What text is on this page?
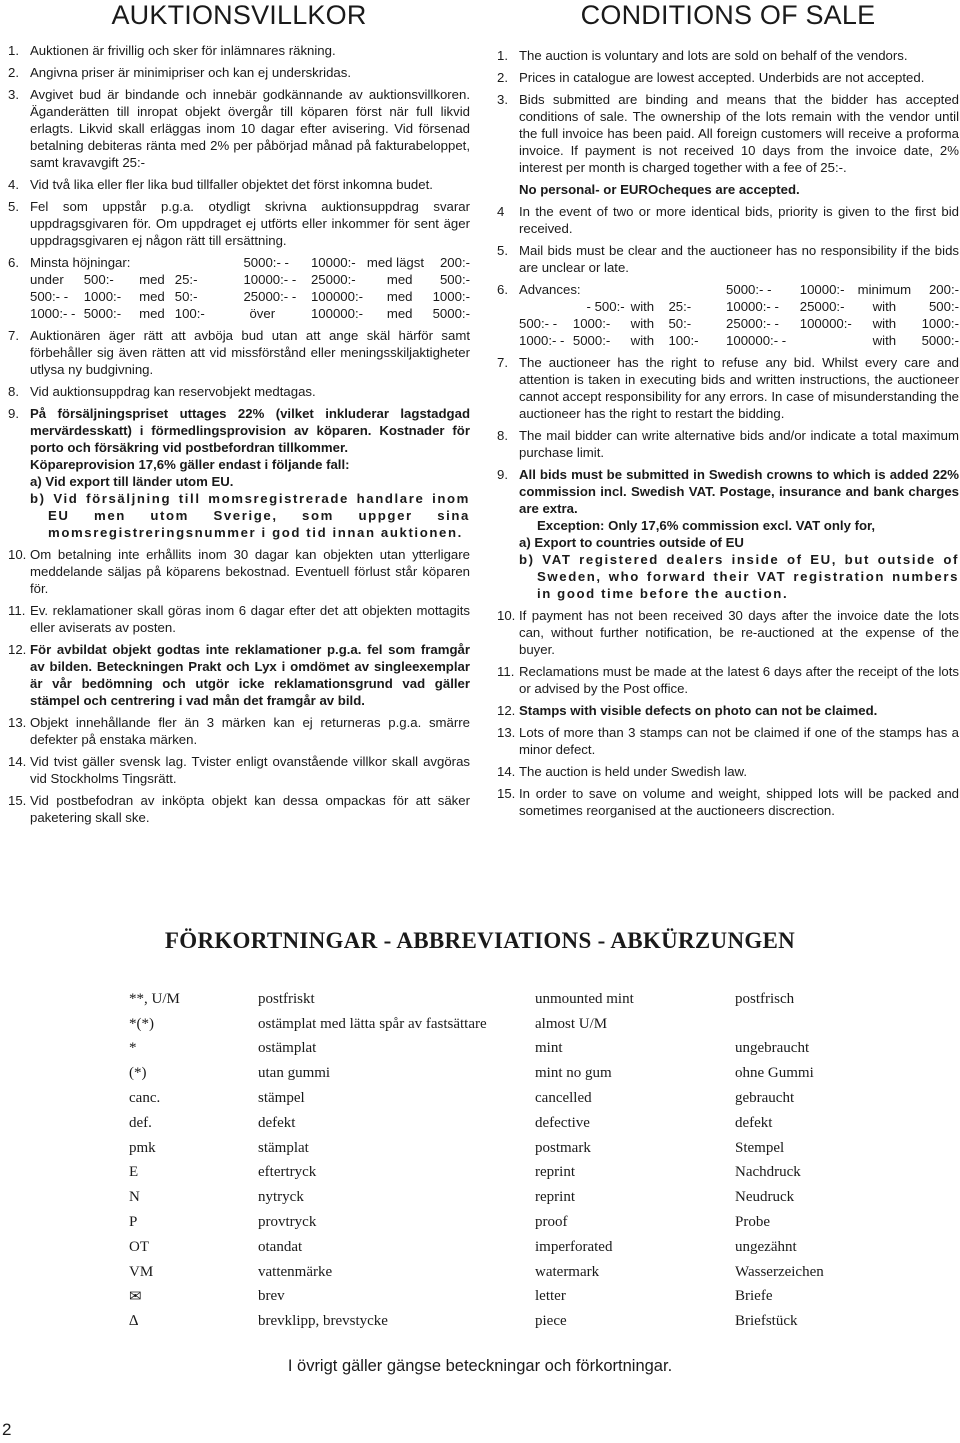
AUKTIONSVILLKOR
1. Auktionen är frivillig och sker för inlämnares räkning.

2. Angivna priser är minimipriser och kan ej underskridas.

3. Avgivet bud är bindande och innebär godkännande av auktionsvillkoren. Äganderätten till inropat objekt övergår till köparen först när full likvid erlagts. Likvid skall erläggas inom 10 dagar efter avisering. Vid försenad betalning debiteras ränta med 2% per påbörjad månad på fakturabeloppet, samt kravavgift 25:-

4. Vid två lika eller fler lika bud tillfaller objektet det först inkomna budet.

5. Fel som uppstår p.g.a. otydligt skrivna auktionsuppdrag svarar uppdragsgivaren för. Om uppdraget ej utförts eller inkommer för sent äger uppdragsgivaren ej någon rätt till ersättning.

6. Minsta höjningar:				5000:- -	10000:-	med lägst	200:-
under	500:-	med	25:-	10000:- -	25000:-	med	500:-
500:- -	1000:-	med	50:-	25000:- -	100000:-	med	1000:-
1000:- -	5000:-	med	100:-	över	100000:-	med	5000:-
7. Auktionären äger rätt att avböja bud utan att ange skäl härför samt förbehåller sig även rätten att vid missförstånd eller meningsskiljaktigheter utlysa ny budgivning.

8. Vid auktionsuppdrag kan reservobjekt medtagas.

9. På försäljningspriset uttages 22% (vilket inkluderar lagstadgad mervärdesskatt) i förmedlingsprovision av köparen. Kostnader för porto och försäkring vid postbefordran tillkommer.

Köpareprovision 17,6% gäller endast i följande fall:

a) Vid export till länder utom EU.

b) Vid försäljning till momsregistrerade handlare inom EU men utom Sverige, som uppger sina momsregistreringsnummer i god tid innan auktionen.

10. Om betalning inte erhållits inom 30 dagar kan objekten utan ytterligare meddelande säljas på köparens bekostnad. Eventuell förlust står köparen för.

11. Ev. reklamationer skall göras inom 6 dagar efter det att objekten mottagits eller aviserats av posten.

12. För avbildat objekt godtas inte reklamationer p.g.a. fel som framgår av bilden. Beteckningen Prakt och Lyx i omdömet av singleexemplar är vår bedömning och utgör icke reklamationsgrund vad gäller stämpel och centrering i vad mån det framgår av bild.

13. Objekt innehållande fler än 3 märken kan ej returneras p.g.a. smärre defekter på enstaka märken.

14. Vid tvist gäller svensk lag. Tvister enligt ovanstående villkor skall avgöras vid Stockholms Tingsrätt.

15. Vid postbefodran av inköpta objekt kan dessa ompackas för att säker paketering skall ske.

CONDITIONS OF SALE
1. The auction is voluntary and lots are sold on behalf of the vendors.

2. Prices in catalogue are lowest accepted. Underbids are not accepted.

3. Bids submitted are binding and means that the bidder has accepted conditions of sale. The ownership of the lots remain with the vendor until the full invoice has been paid. All foreign customers will receive a proforma invoice. If payment is not received 10 days from the invoice date, 2% interest per month is charged together with a fee of 25:-.

No personal- or EUROcheques are accepted.

4 In the event of two or more identical bids, priority is given to the first bid received.

5. Mail bids must be clear and the auctioneer has no responsibility if the bids are unclear or late.

6. Advances:				5000:- -	10000:-	minimum	200:-
	- 500:-	with	25:-	10000:- -	25000:-	with	500:-
500:- -	1000:-	with	50:-	25000:- -	100000:-	with	1000:-
1000:- -	5000:-	with	100:-	100000:- -		with	5000:-
7. The auctioneer has the right to refuse any bid. Whilst every care and attention is taken in executing bids and written instructions, the auctioneer cannot accept responsibility for any errors. In case of misunderstanding the auctioneer has the right to restart the bidding.

8. The mail bidder can write alternative bids and/or indicate a total maximum purchase limit.

9. All bids must be submitted in Swedish crowns to which is added 22% commission incl. Swedish VAT. Postage, insurance and bank charges are extra.

Exception: Only 17,6% commission excl. VAT only for,

a) Export to countries outside of EU

b) VAT registered dealers inside of EU, but outside of Sweden, who forward their VAT registration numbers in good time before the auction.

10. If payment has not been received 30 days after the invoice date the lots can, without further notification, be re-auctioned at the expense of the buyer.

11. Reclamations must be made at the latest 6 days after the receipt of the lots or advised by the Post office.

12. Stamps with visible defects on photo can not be claimed.

13. Lots of more than 3 stamps can not be claimed if one of the stamps has a minor defect.

14. The auction is held under Swedish law.

15. In order to save on volume and weight, shipped lots will be packed and sometimes reorganised at the auctioneers discrection.

FÖRKORTNINGAR - ABBREVIATIONS - ABKÜRZUNGEN
**, U/M	postfriskt	unmounted mint	postfrisch
*(*)	ostämplat med lätta spår av fastsättare	almost U/M	
*	ostämplat	mint	ungebraucht
(*)	utan gummi	mint no gum	ohne Gummi
canc.	stämpel	cancelled	gebraucht
def.	defekt	defective	defekt
pmk	stämplat	postmark	Stempel
E	eftertryck	reprint	Nachdruck
N	nytryck	reprint	Neudruck
P	provtryck	proof	Probe
OT	otandat	imperforated	ungezähnt
VM	vattenmärke	watermark	Wasserzeichen
✉	brev	letter	Briefe
∆	brevklipp, brevstycke	piece	Briefstück

I övrigt gäller gängse beteckningar och förkortningar.

2
